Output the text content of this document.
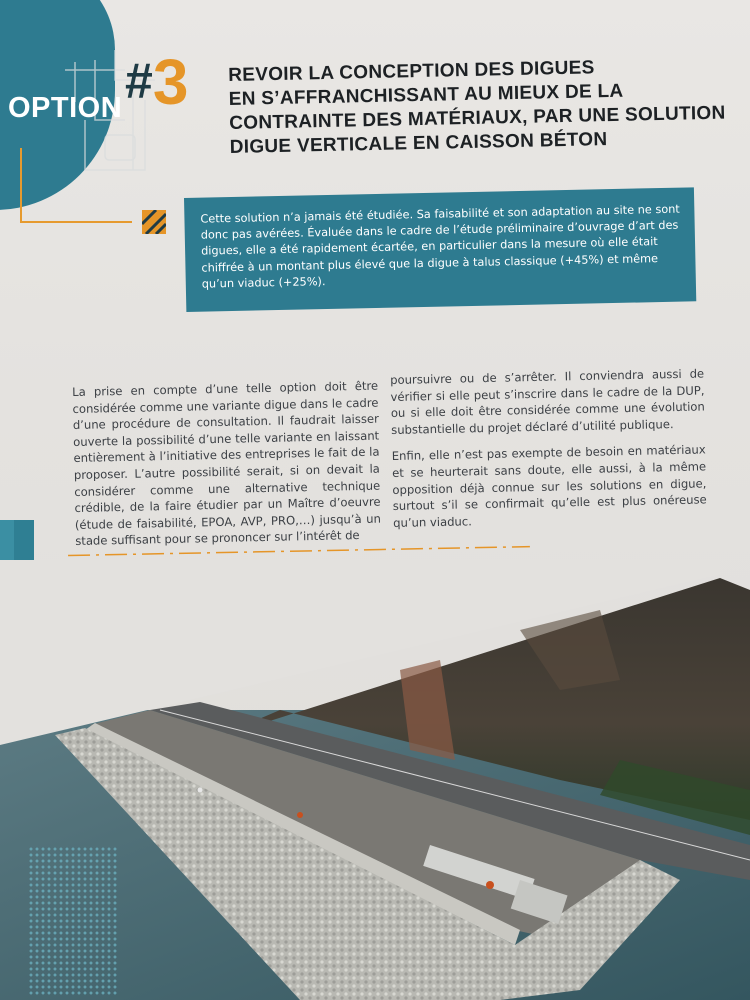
OPTION #3 REVOIR LA CONCEPTION DES DIGUES
EN S’AFFRANCHISSANT AU MIEUX DE LA
CONTRAINTE DES MATÉRIAUX, PAR UNE SOLUTION
DIGUE VERTICALE EN CAISSON BÉTON
Cette solution n’a jamais été étudiée. Sa faisabilité et son adaptation au site ne sont donc pas avérées. Évaluée dans le cadre de l’étude préliminaire d’ouvrage d’art des digues, elle a été rapidement écartée, en particulier dans la mesure où elle était chiffrée à un montant plus élevé que la digue à talus classique (+45%) et même qu’un viaduc (+25%).

La prise en compte d’une telle option doit être considérée comme une variante digue dans le cadre d’une procédure de consultation. Il faudrait laisser ouverte la possibilité d’une telle variante en laissant entièrement à l’initiative des entreprises le fait de la proposer. L’autre possibilité serait, si on devait la considérer comme une alternative technique crédible, de la faire étudier par un Maître d’oeuvre (étude de faisabilité, EPOA, AVP, PRO,…) jusqu’à un stade suffisant pour se prononcer sur l’intérêt de

poursuivre ou de s’arrêter. Il conviendra aussi de vérifier si elle peut s’inscrire dans le cadre de la DUP, ou si elle doit être considérée comme une évolution substantielle du projet déclaré d’utilité publique.

Enfin, elle n’est pas exempte de besoin en matériaux et se heurterait sans doute, elle aussi, à la même opposition déjà connue sur les solutions en digue, surtout s’il se confirmait qu’elle est plus onéreuse qu’un viaduc.
